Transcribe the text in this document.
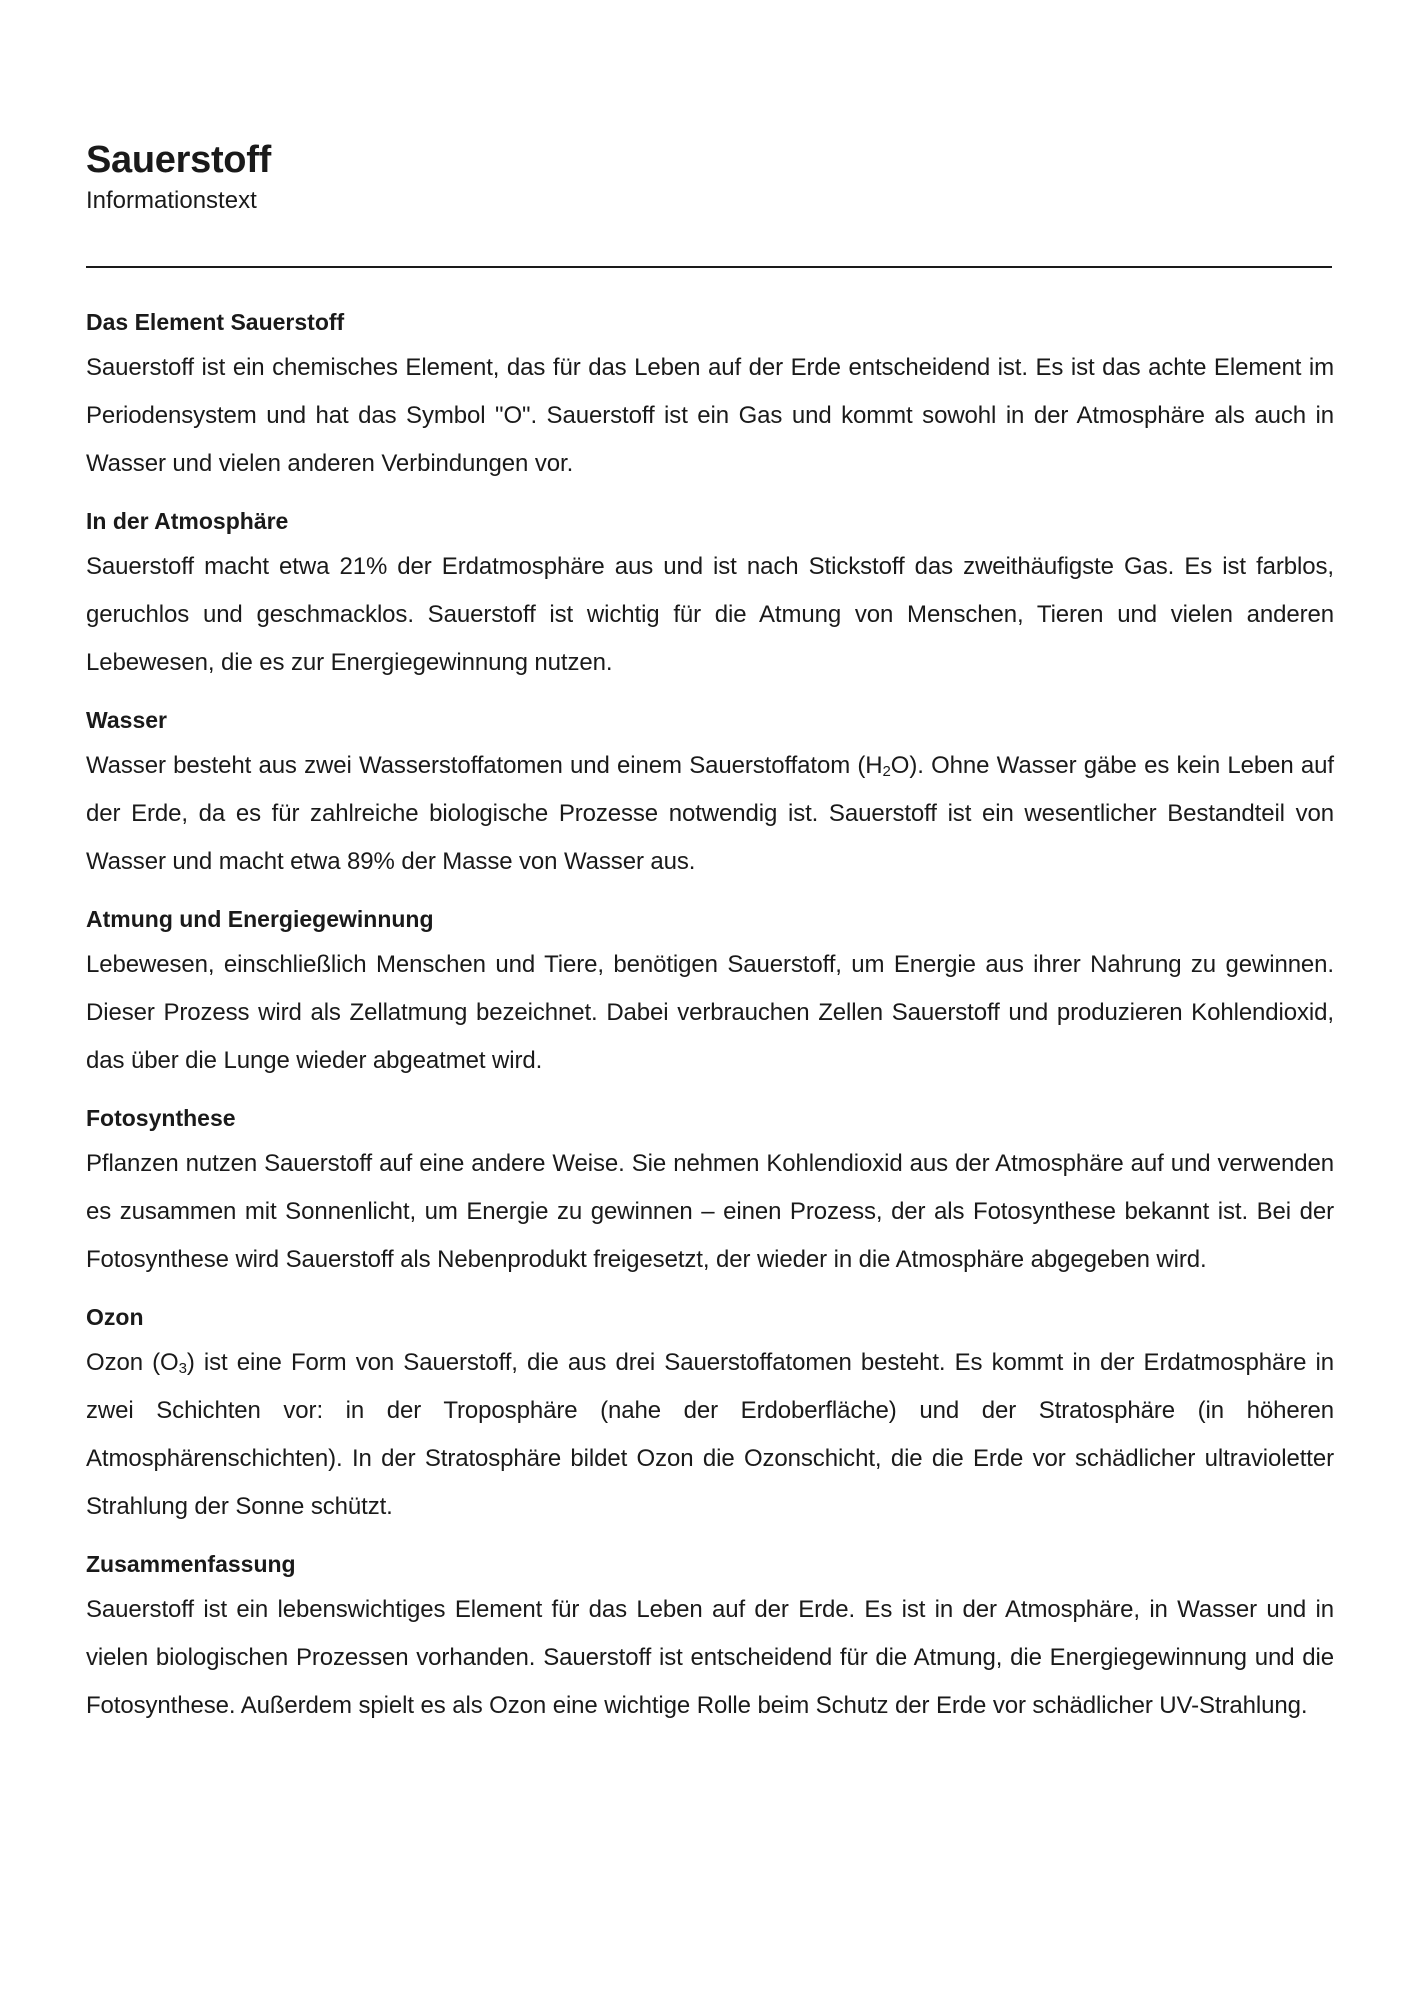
Sauerstoff

Informationstext

Das Element Sauerstoff

Sauerstoff ist ein chemisches Element, das für das Leben auf der Erde entscheidend ist. Es ist das achte Element im Periodensystem und hat das Symbol "O". Sauerstoff ist ein Gas und kommt sowohl in der Atmosphäre als auch in Wasser und vielen anderen Verbindungen vor.

In der Atmosphäre

Sauerstoff macht etwa 21% der Erdatmosphäre aus und ist nach Stickstoff das zweithäufigste Gas. Es ist farblos, geruchlos und geschmacklos. Sauerstoff ist wichtig für die Atmung von Menschen, Tieren und vielen anderen Lebewesen, die es zur Energiegewinnung nutzen.

Wasser

Wasser besteht aus zwei Wasserstoffatomen und einem Sauerstoffatom $(H_2O)$. Ohne Wasser gäbe es kein Leben auf der Erde, da es für zahlreiche biologische Prozesse notwendig ist. Sauerstoff ist ein wesentlicher Bestandteil von Wasser und macht etwa 89% der Masse von Wasser aus.

Atmung und Energiegewinnung

Lebewesen, einschließlich Menschen und Tiere, benötigen Sauerstoff, um Energie aus ihrer Nahrung zu gewinnen. Dieser Prozess wird als Zellatmung bezeichnet. Dabei verbrauchen Zellen Sauerstoff und produzieren Kohlendioxid, das über die Lunge wieder abgeatmet wird.

Fotosynthese

Pflanzen nutzen Sauerstoff auf eine andere Weise. Sie nehmen Kohlendioxid aus der Atmosphäre auf und verwenden es zusammen mit Sonnenlicht, um Energie zu gewinnen – einen Prozess, der als Fotosynthese bekannt ist. Bei der Fotosynthese wird Sauerstoff als Nebenprodukt freigesetzt, der wieder in die Atmosphäre abgegeben wird.

Ozon

Ozon $(O_3)$ ist eine Form von Sauerstoff, die aus drei Sauerstoffatomen besteht. Es kommt in der Erdatmosphäre in zwei Schichten vor: in der Troposphäre (nahe der Erdoberfläche) und der Stratosphäre (in höheren Atmosphärenschichten). In der Stratosphäre bildet Ozon die Ozonschicht, die die Erde vor schädlicher ultravioletter Strahlung der Sonne schützt.

Zusammenfassung

Sauerstoff ist ein lebenswichtiges Element für das Leben auf der Erde. Es ist in der Atmosphäre, in Wasser und in vielen biologischen Prozessen vorhanden. Sauerstoff ist entscheidend für die Atmung, die Energiegewinnung und die Fotosynthese. Außerdem spielt es als Ozon eine wichtige Rolle beim Schutz der Erde vor schädlicher UV-Strahlung.
